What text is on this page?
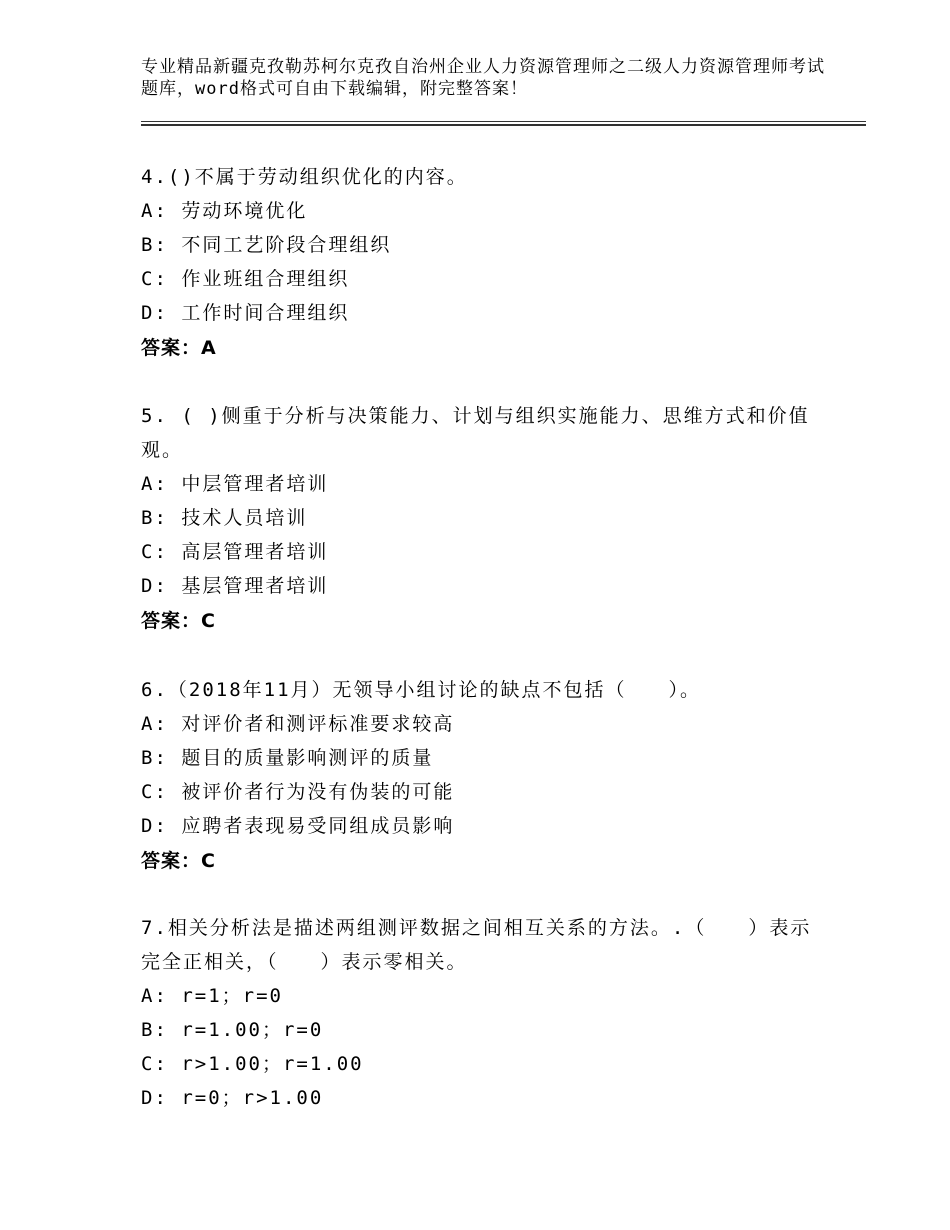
专业精品新疆克孜勒苏柯尔克孜自治州企业人力资源管理师之二级人力资源管理师考试题库，word格式可自由下载编辑，附完整答案！
4.()不属于劳动组织优化的内容。
A: 劳动环境优化
B: 不同工艺阶段合理组织
C: 作业班组合理组织
D: 工作时间合理组织
答案：A
5. ( )侧重于分析与决策能力、计划与组织实施能力、思维方式和价值观。
A: 中层管理者培训
B: 技术人员培训
C: 高层管理者培训
D: 基层管理者培训
答案：C
6.（2018年11月）无领导小组讨论的缺点不包括（　　）。
A: 对评价者和测评标准要求较高
B: 题目的质量影响测评的质量
C: 被评价者行为没有伪装的可能
D: 应聘者表现易受同组成员影响
答案：C
7.相关分析法是描述两组测评数据之间相互关系的方法。.（　　）表示完全正相关，（　　）表示零相关。
A: r=1；r=0
B: r=1.00；r=0
C: r>1.00；r=1.00
D: r=0；r>1.00
